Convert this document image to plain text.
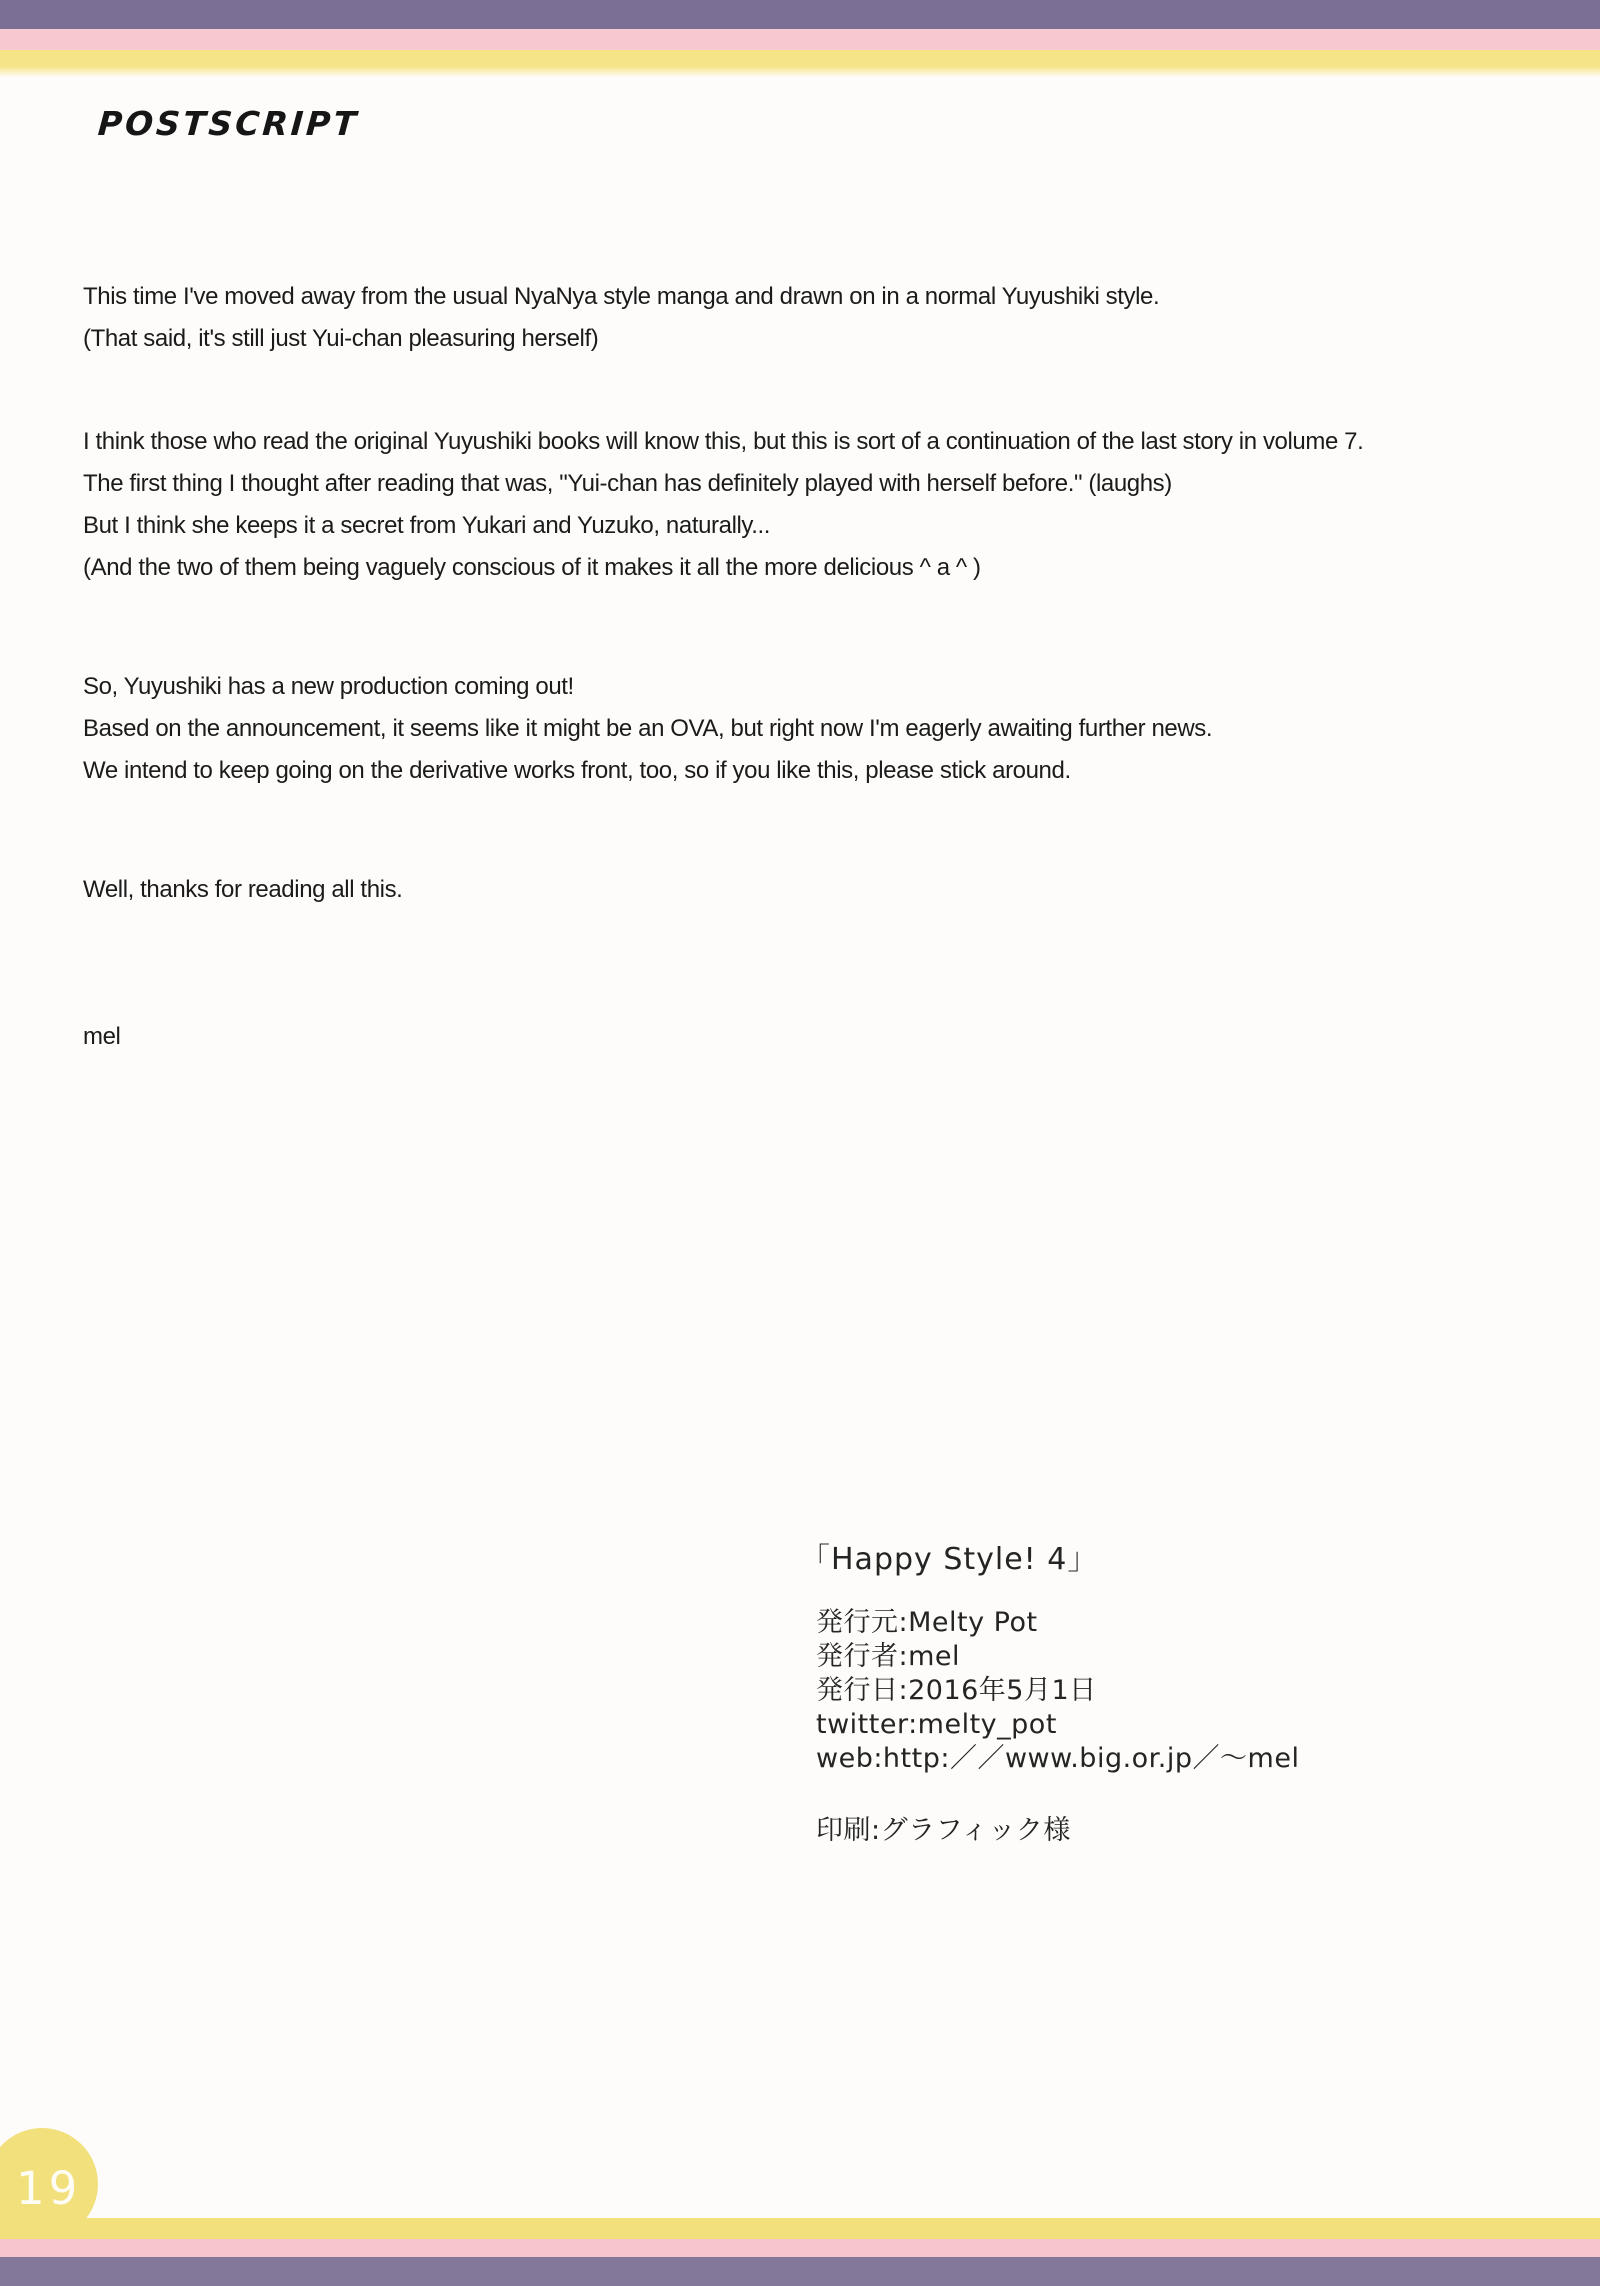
POSTSCRIPT
This time I've moved away from the usual NyaNya style manga and drawn on in a normal Yuyushiki style.
(That said, it's still just Yui-chan pleasuring herself)
I think those who read the original Yuyushiki books will know this, but this is sort of a continuation of the last story in volume 7.
The first thing I thought after reading that was, "Yui-chan has definitely played with herself before." (laughs)
But I think she keeps it a secret from Yukari and Yuzuko, naturally...
(And the two of them being vaguely conscious of it makes it all the more delicious ^ a ^ )
So, Yuyushiki has a new production coming out!
Based on the announcement, it seems like it might be an OVA, but right now I'm eagerly awaiting further news.
We intend to keep going on the derivative works front, too, so if you like this, please stick around.
Well, thanks for reading all this.
mel
「Happy Style! 4」
発行元:Melty Pot
発行者:mel
発行日:2016年5月1日
twitter:melty_pot
web:http:／／www.big.or.jp／〜mel
印刷:グラフィック様
19
